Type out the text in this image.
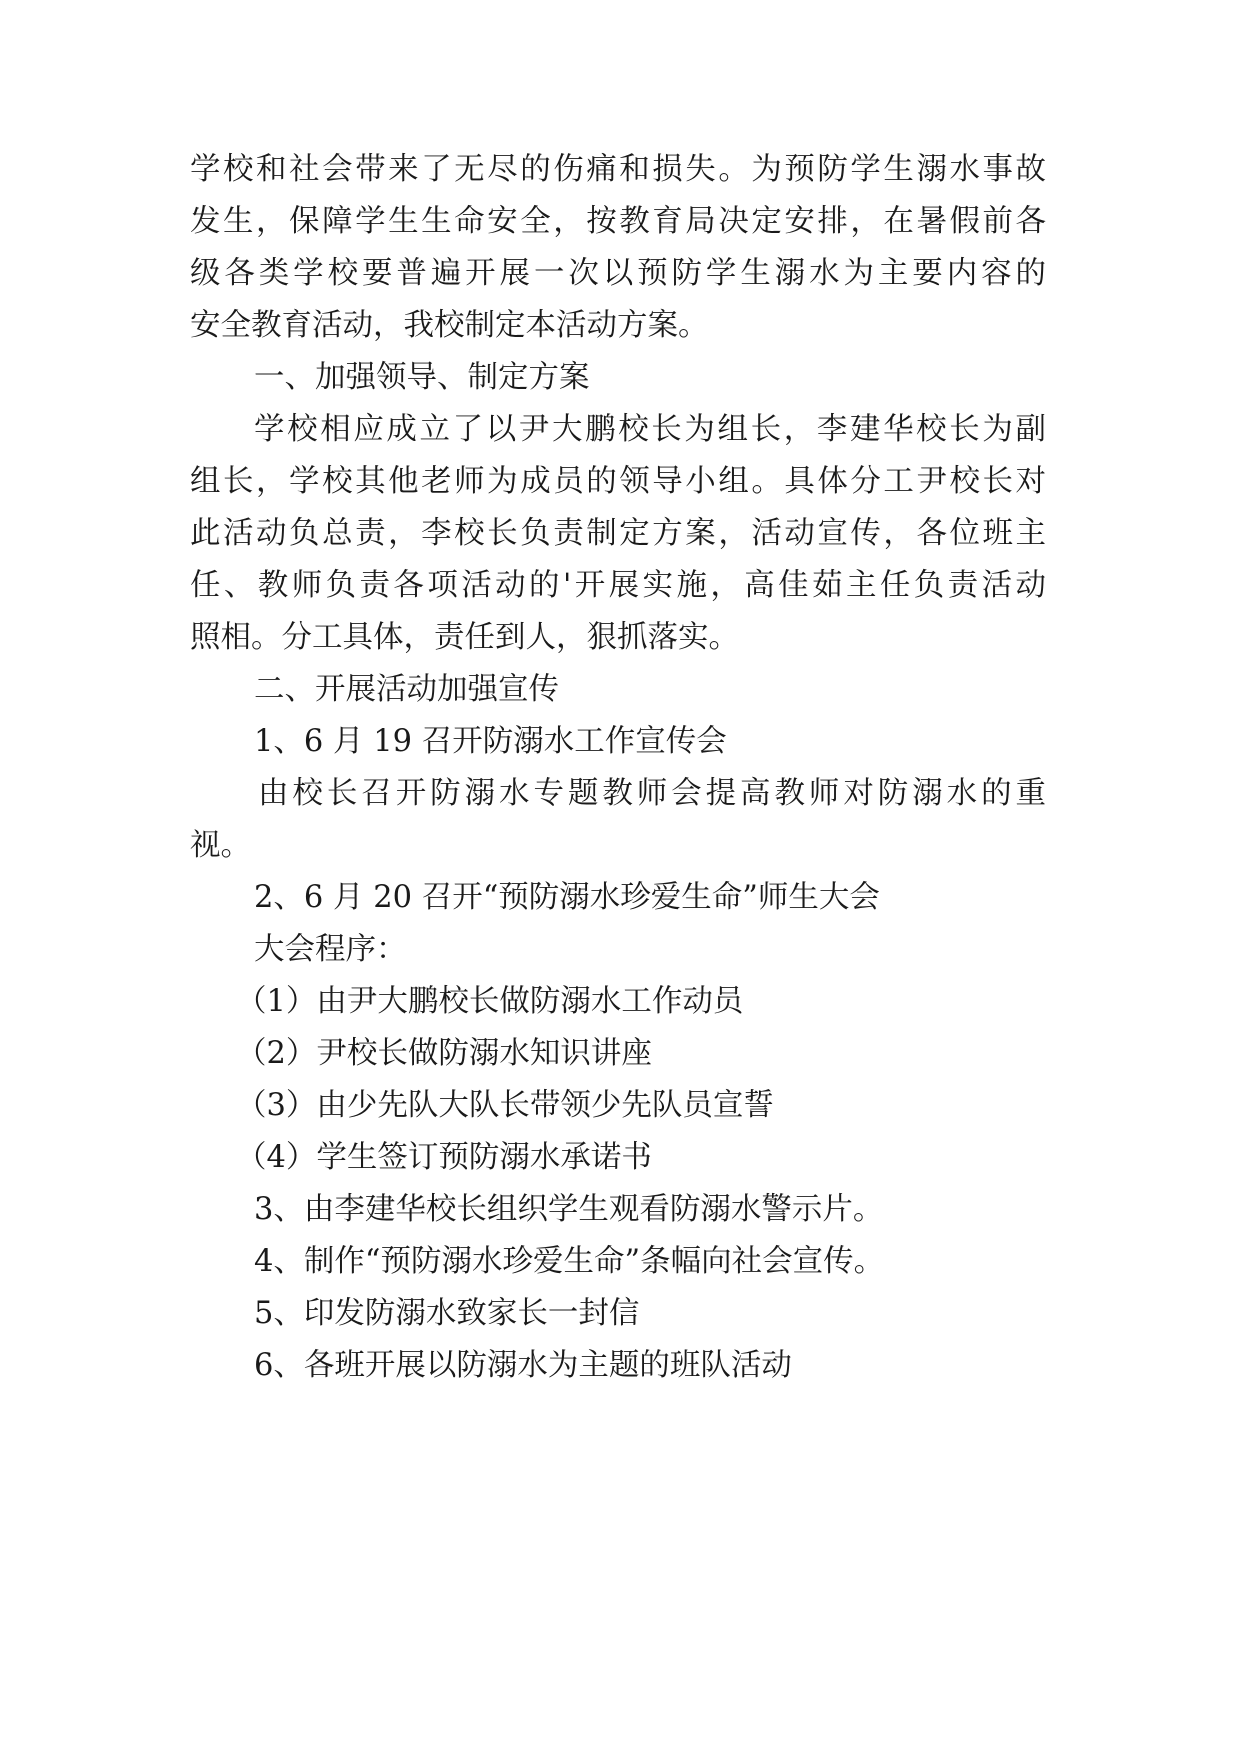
学校和社会带来了无尽的伤痛和损失。为预防学生溺水事故
发生，保障学生生命安全，按教育局决定安排，在暑假前各
级各类学校要普遍开展一次以预防学生溺水为主要内容的
安全教育活动，我校制定本活动方案。
一、加强领导、制定方案
学校相应成立了以尹大鹏校长为组长，李建华校长为副
组长，学校其他老师为成员的领导小组。具体分工尹校长对
此活动负总责，李校长负责制定方案，活动宣传，各位班主
任、教师负责各项活动的'开展实施，高佳茹主任负责活动
照相。分工具体，责任到人，狠抓落实。
二、开展活动加强宣传
1、6 月 19 召开防溺水工作宣传会
由校长召开防溺水专题教师会提高教师对防溺水的重
视。
2、6 月 20 召开“预防溺水珍爱生命”师生大会
大会程序：
（1）由尹大鹏校长做防溺水工作动员
（2）尹校长做防溺水知识讲座
（3）由少先队大队长带领少先队员宣誓
（4）学生签订预防溺水承诺书
3、由李建华校长组织学生观看防溺水警示片。
4、制作“预防溺水珍爱生命”条幅向社会宣传。
5、印发防溺水致家长一封信
6、各班开展以防溺水为主题的班队活动
